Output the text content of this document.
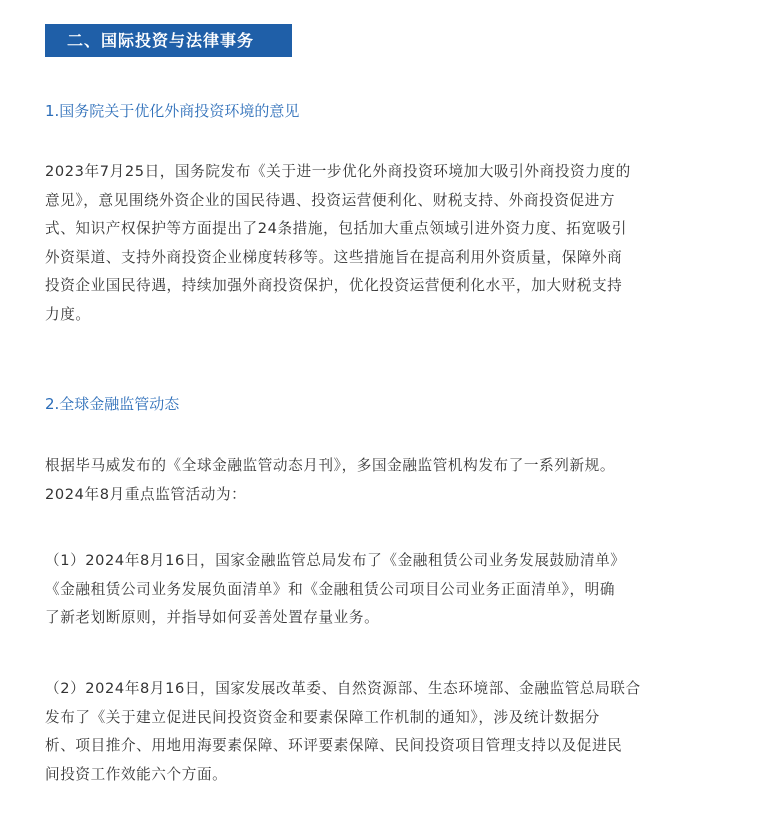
二、国际投资与法律事务
1.国务院关于优化外商投资环境的意见
2023年7月25日，国务院发布《关于进一步优化外商投资环境加大吸引外商投资力度的
意见》，意见围绕外资企业的国民待遇、投资运营便利化、财税支持、外商投资促进方
式、知识产权保护等方面提出了24条措施，包括加大重点领域引进外资力度、拓宽吸引
外资渠道、支持外商投资企业梯度转移等。这些措施旨在提高利用外资质量，保障外商
投资企业国民待遇，持续加强外商投资保护，优化投资运营便利化水平，加大财税支持
力度。
2.全球金融监管动态
根据毕马威发布的《全球金融监管动态月刊》，多国金融监管机构发布了一系列新规。
2024年8月重点监管活动为：
（1）2024年8月16日，国家金融监管总局发布了《金融租赁公司业务发展鼓励清单》
《金融租赁公司业务发展负面清单》和《金融租赁公司项目公司业务正面清单》，明确
了新老划断原则，并指导如何妥善处置存量业务。
（2）2024年8月16日，国家发展改革委、自然资源部、生态环境部、金融监管总局联合
发布了《关于建立促进民间投资资金和要素保障工作机制的通知》，涉及统计数据分
析、项目推介、用地用海要素保障、环评要素保障、民间投资项目管理支持以及促进民
间投资工作效能六个方面。
